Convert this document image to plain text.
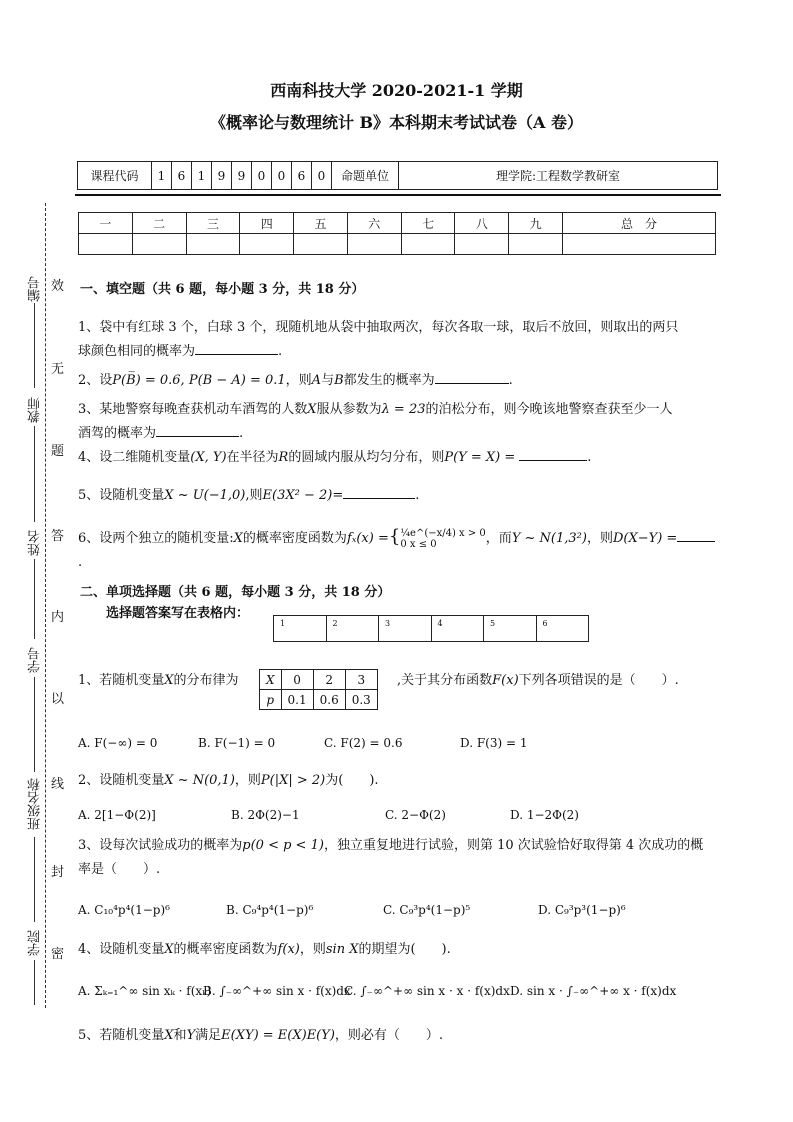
西南科技大学 2020-2021-1 学期
《概率论与数理统计 B》本科期末考试试卷（A 卷）
课程代码	1	6	1	9	9	0	0	6	0	命题单位	理学院:工程数学教研室
一	二	三	四	五	六	七	八	九	总　分

编号
教师
姓名
学号
班级名称
学院
效
无
题
答
内
以
线
封
密
一、填空题（共 6 题，每小题 3 分，共 18 分）
1、袋中有红球 3 个，白球 3 个，现随机地从袋中抽取两次，每次各取一球，取后不放回，则取出的两只
球颜色相同的概率为	.
2、设P(B̅) = 0.6, P(B − A) = 0.1，则A与B都发生的概率为	.
3、某地警察每晚查获机动车酒驾的人数X服从参数为λ = 23的泊松分布，则今晚该地警察查获至少一人
酒驾的概率为	.
4、设二维随机变量(X, Y)在半径为R的圆域内服从均匀分布，则P(Y = X) =	.
5、设随机变量X ~ U(−1,0),则E(3X² − 2)=	.
6、设两个独立的随机变量:X的概率密度函数为fₓ(x) ={¼e^(−x/4) x > 0
0 x ≤ 0	，而Y ~ N(1,3²)，则D(X−Y) =.
二、单项选择题（共 6 题，每小题 3 分，共 18 分）
选择题答案写在表格内：
1	2	3	4	5	6
1、若随机变量X的分布律为	X	0	2	3
p	0.1	0.6	0.3
,关于其分布函数F(x)下列各项错误的是（　　）.
A. F(−∞) = 0	B. F(−1) = 0	C. F(2) = 0.6	D. F(3) = 1
2、设随机变量X ~ N(0,1)，则P(|X| > 2)为(　　).
A. 2[1−Φ(2)]	B. 2Φ(2)−1	C. 2−Φ(2)	D. 1−2Φ(2)
3、设每次试验成功的概率为p(0 < p < 1)，独立重复地进行试验，则第 10 次试验恰好取得第 4 次成功的概
率是（　　）.
A. C₁₀⁴p⁴(1−p)⁶	B. C₉⁴p⁴(1−p)⁶	C. C₉³p⁴(1−p)⁵	D. C₉³p³(1−p)⁶
4、设随机变量X的概率密度函数为f(x)，则sin X的期望为(　　).
A. Σₖ₌₁^∞ sin xₖ · f(xₖ)
B. ∫₋∞^+∞ sin x · f(x)dx
C. ∫₋∞^+∞ sin x · x · f(x)dx D. sin x · ∫₋∞^+∞ x · f(x)dx
5、若随机变量X和Y满足E(XY) = E(X)E(Y)，则必有（　　）.
